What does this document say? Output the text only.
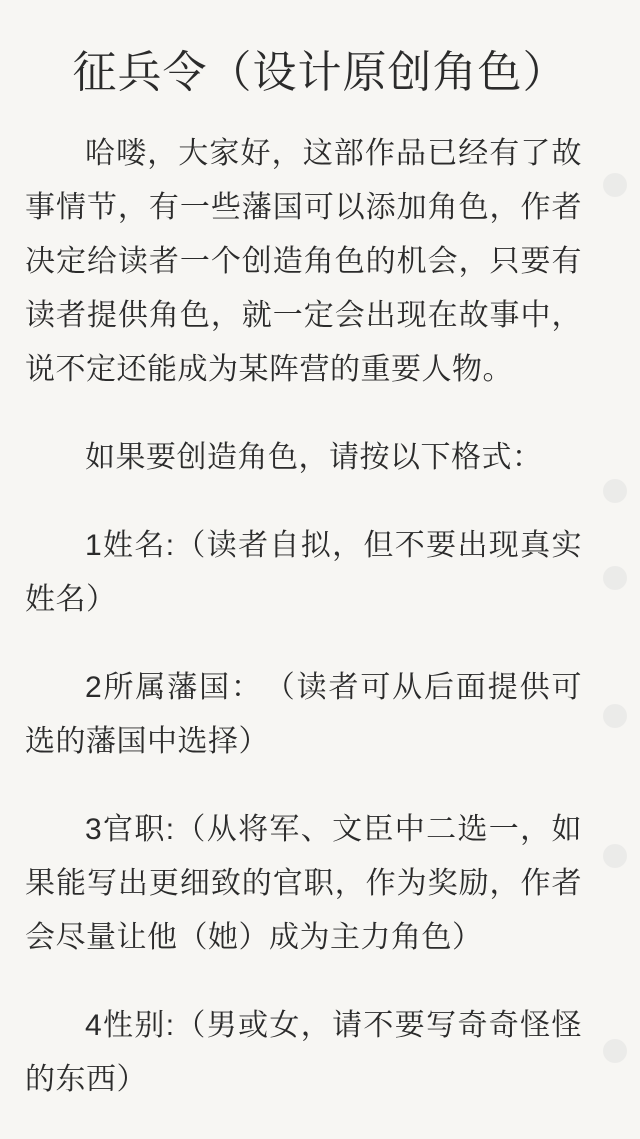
征兵令（设计原创角色）

哈喽，大家好，这部作品已经有了故事情节，有一些藩国可以添加角色，作者决定给读者一个创造角色的机会，只要有读者提供角色，就一定会出现在故事中，说不定还能成为某阵营的重要人物。

如果要创造角色，请按以下格式：

1姓名:（读者自拟，但不要出现真实姓名）

2所属藩国：　（读者可从后面提供可选的藩国中选择）

3官职:（从将军、文臣中二选一，如果能写出更细致的官职，作为奖励，作者会尽量让他（她）成为主力角色）

4性别:（男或女，请不要写奇奇怪怪的东西）
